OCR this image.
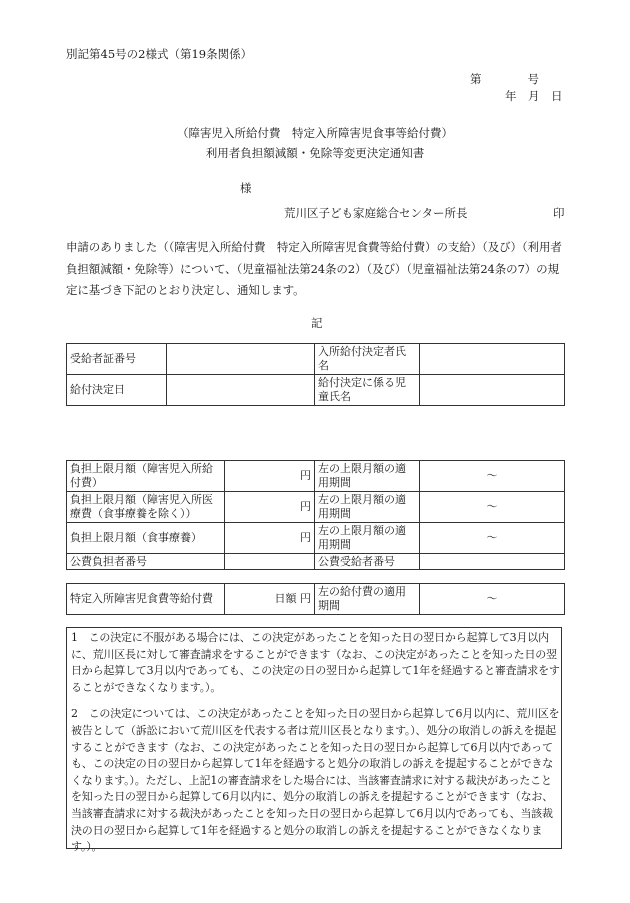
別記第45号の2様式（第19条関係）
第　　　　号
年　月　日
（障害児入所給付費　特定入所障害児食事等給付費）
利用者負担額減額・免除等変更決定通知書
様
荒川区子ども家庭総合センター所長	印
申請のありました（（障害児入所給付費　特定入所障害児食費等給付費）の支給）（及び）（利用者負担額減額・免除等）について、（児童福祉法第24条の2）（及び）（児童福祉法第24条の7）の規定に基づき下記のとおり決定し、通知します。
記
受給者証番号		入所給付決定者氏名	
給付決定日		給付決定に係る児童氏名	
負担上限月額（障害児入所給付費）	円	左の上限月額の適用期間	～
負担上限月額（障害児入所医療費（食事療養を除く））	円	左の上限月額の適用期間	～
負担上限月額（食事療養）	円	左の上限月額の適用期間	～
公費負担者番号		公費受給者番号	
特定入所障害児食費等給付費	日額 円	左の給付費の適用期間	～

1　この決定に不服がある場合には、この決定があったことを知った日の翌日から起算して3月以内に、荒川区長に対して審査請求をすることができます（なお、この決定があったことを知った日の翌日から起算して3月以内であっても、この決定の日の翌日から起算して1年を経過すると審査請求をすることができなくなります。）。

2　この決定については、この決定があったことを知った日の翌日から起算して6月以内に、荒川区を被告として（訴訟において荒川区を代表する者は荒川区長となります。）、処分の取消しの訴えを提起することができます（なお、この決定があったことを知った日の翌日から起算して6月以内であっても、この決定の日の翌日から起算して1年を経過すると処分の取消しの訴えを提起することができなくなります。）。ただし、上記1の審査請求をした場合には、当該審査請求に対する裁決があったことを知った日の翌日から起算して6月以内に、処分の取消しの訴えを提起することができます（なお、当該審査請求に対する裁決があったことを知った日の翌日から起算して6月以内であっても、当該裁決の日の翌日から起算して1年を経過すると処分の取消しの訴えを提起することができなくなります。）。
